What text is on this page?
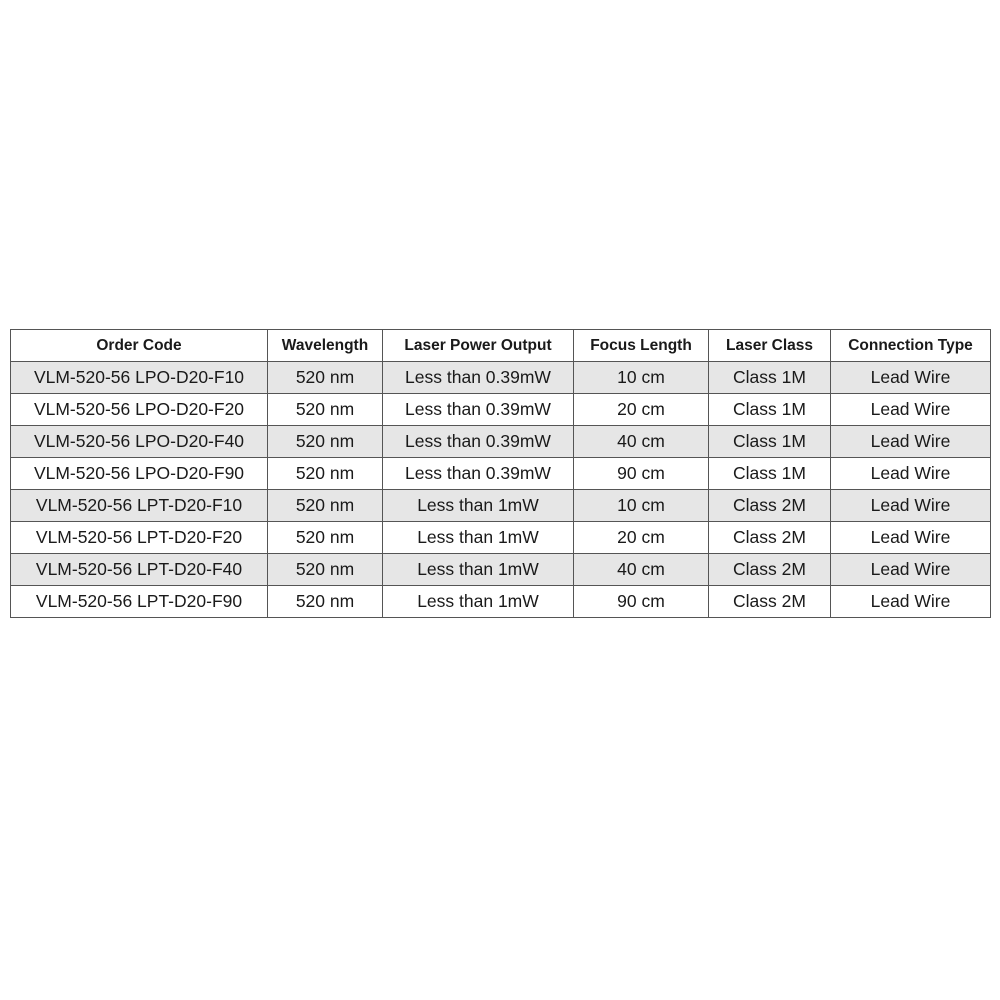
Order Code	Wavelength	Laser Power Output	Focus Length	Laser Class	Connection Type
VLM-520-56 LPO-D20-F10	520 nm	Less than 0.39mW	10 cm	Class 1M	Lead Wire
VLM-520-56 LPO-D20-F20	520 nm	Less than 0.39mW	20 cm	Class 1M	Lead Wire
VLM-520-56 LPO-D20-F40	520 nm	Less than 0.39mW	40 cm	Class 1M	Lead Wire
VLM-520-56 LPO-D20-F90	520 nm	Less than 0.39mW	90 cm	Class 1M	Lead Wire
VLM-520-56 LPT-D20-F10	520 nm	Less than 1mW	10 cm	Class 2M	Lead Wire
VLM-520-56 LPT-D20-F20	520 nm	Less than 1mW	20 cm	Class 2M	Lead Wire
VLM-520-56 LPT-D20-F40	520 nm	Less than 1mW	40 cm	Class 2M	Lead Wire
VLM-520-56 LPT-D20-F90	520 nm	Less than 1mW	90 cm	Class 2M	Lead Wire
